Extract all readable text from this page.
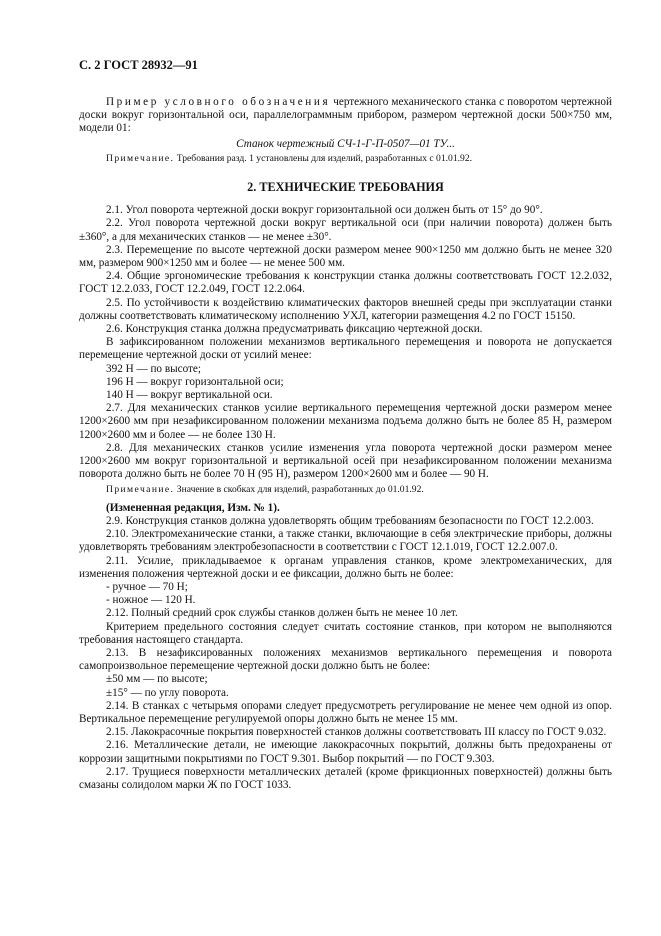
С. 2 ГОСТ 28932—91

Пример условного обозначения чертежного механического станка с поворотом чертежной доски вокруг горизонтальной оси, параллелограммным прибором, размером чертежной доски 500×750 мм, модели 01:

Станок чертежный СЧ-1-Г-П-0507—01 ТУ...

Примечание. Требования разд. 1 установлены для изделий, разработанных с 01.01.92.

2. ТЕХНИЧЕСКИЕ ТРЕБОВАНИЯ

2.1. Угол поворота чертежной доски вокруг горизонтальной оси должен быть от 15° до 90°.

2.2. Угол поворота чертежной доски вокруг вертикальной оси (при наличии поворота) должен быть ±360°, а для механических станков — не менее ±30°.

2.3. Перемещение по высоте чертежной доски размером менее 900×1250 мм должно быть не менее 320 мм, размером 900×1250 мм и более — не менее 500 мм.

2.4. Общие эргономические требования к конструкции станка должны соответствовать ГОСТ 12.2.032, ГОСТ 12.2.033, ГОСТ 12.2.049, ГОСТ 12.2.064.

2.5. По устойчивости к воздействию климатических факторов внешней среды при эксплуатации станки должны соответствовать климатическому исполнению УХЛ, категории размещения 4.2 по ГОСТ 15150.

2.6. Конструкция станка должна предусматривать фиксацию чертежной доски.

В зафиксированном положении механизмов вертикального перемещения и поворота не допускается перемещение чертежной доски от усилий менее:

392 Н — по высоте;

196 Н — вокруг горизонтальной оси;

140 Н — вокруг вертикальной оси.

2.7. Для механических станков усилие вертикального перемещения чертежной доски размером менее 1200×2600 мм при незафиксированном положении механизма подъема должно быть не более 85 Н, размером 1200×2600 мм и более — не более 130 Н.

2.8. Для механических станков усилие изменения угла поворота чертежной доски размером менее 1200×2600 мм вокруг горизонтальной и вертикальной осей при незафиксированном положении механизма поворота должно быть не более 70 Н (95 Н), размером 1200×2600 мм и более — 90 Н.

Примечание. Значение в скобках для изделий, разработанных до 01.01.92.

(Измененная редакция, Изм. № 1).

2.9. Конструкция станков должна удовлетворять общим требованиям безопасности по ГОСТ 12.2.003.

2.10. Электромеханические станки, а также станки, включающие в себя электрические приборы, должны удовлетворять требованиям электробезопасности в соответствии с ГОСТ 12.1.019, ГОСТ 12.2.007.0.

2.11. Усилие, прикладываемое к органам управления станков, кроме электромеханических, для изменения положения чертежной доски и ее фиксации, должно быть не более:

- ручное — 70 Н;

- ножное — 120 Н.

2.12. Полный средний срок службы станков должен быть не менее 10 лет.

Критерием предельного состояния следует считать состояние станков, при котором не выполняются требования настоящего стандарта.

2.13. В незафиксированных положениях механизмов вертикального перемещения и поворота самопроизвольное перемещение чертежной доски должно быть не более:

±50 мм — по высоте;

±15° — по углу поворота.

2.14. В станках с четырьмя опорами следует предусмотреть регулирование не менее чем одной из опор. Вертикальное перемещение регулируемой опоры должно быть не менее 15 мм.

2.15. Лакокрасочные покрытия поверхностей станков должны соответствовать III классу по ГОСТ 9.032.

2.16. Металлические детали, не имеющие лакокрасочных покрытий, должны быть предохранены от коррозии защитными покрытиями по ГОСТ 9.301. Выбор покрытий — по ГОСТ 9.303.

2.17. Трущиеся поверхности металлических деталей (кроме фрикционных поверхностей) должны быть смазаны солидолом марки Ж по ГОСТ 1033.
